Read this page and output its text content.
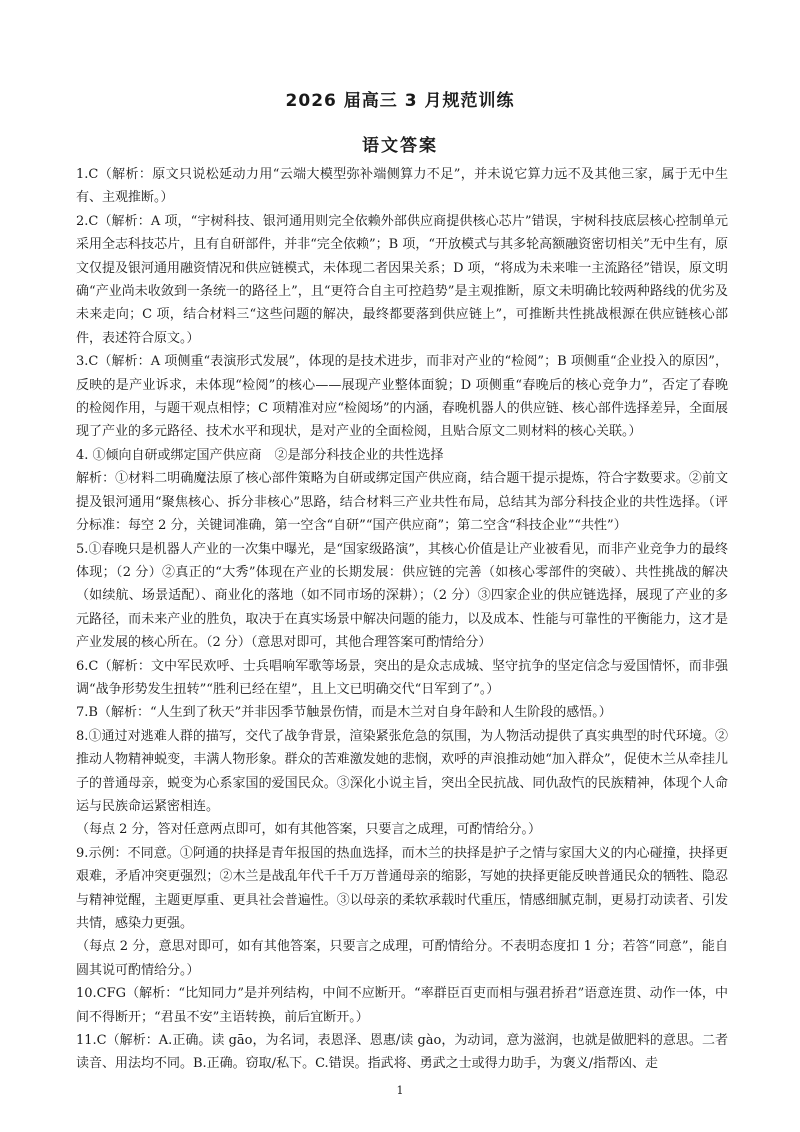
2026 届高三 3 月规范训练
语文答案

1.C（解析：原文只说松延动力用“云端大模型弥补端侧算力不足”，并未说它算力远不及其他三家，属于无中生有、主观推断。）

2.C（解析：A 项，“宇树科技、银河通用则完全依赖外部供应商提供核心芯片”错误，宇树科技底层核心控制单元采用全志科技芯片，且有自研部件，并非“完全依赖”；B 项，“开放模式与其多轮高额融资密切相关”无中生有，原文仅提及银河通用融资情况和供应链模式，未体现二者因果关系；D 项，“将成为未来唯一主流路径”错误，原文明确“产业尚未收敛到一条统一的路径上”，且“更符合自主可控趋势”是主观推断，原文未明确比较两种路线的优劣及未来走向；C 项，结合材料三“这些问题的解决，最终都要落到供应链上”，可推断共性挑战根源在供应链核心部件，表述符合原文。）

3.C（解析：A 项侧重“表演形式发展”，体现的是技术进步，而非对产业的“检阅”；B 项侧重“企业投入的原因”，反映的是产业诉求，未体现“检阅”的核心——展现产业整体面貌；D 项侧重“春晚后的核心竞争力”，否定了春晚的检阅作用，与题干观点相悖；C 项精准对应“检阅场”的内涵，春晚机器人的供应链、核心部件选择差异，全面展现了产业的多元路径、技术水平和现状，是对产业的全面检阅，且贴合原文二则材料的核心关联。）

4. ①倾向自研或绑定国产供应商　②是部分科技企业的共性选择

解析：①材料二明确魔法原了核心部件策略为自研或绑定国产供应商，结合题干提示提炼，符合字数要求。②前文提及银河通用“聚焦核心、拆分非核心”思路，结合材料三产业共性布局，总结其为部分科技企业的共性选择。（评分标准：每空 2 分，关键词准确，第一空含“自研”“国产供应商”；第二空含“科技企业”“共性”）

5.①春晚只是机器人产业的一次集中曝光，是“国家级路演”，其核心价值是让产业被看见，而非产业竞争力的最终体现；（2 分）②真正的“大秀”体现在产业的长期发展：供应链的完善（如核心零部件的突破）、共性挑战的解决（如续航、场景适配）、商业化的落地（如不同市场的深耕）；（2 分）③四家企业的供应链选择，展现了产业的多元路径，而未来产业的胜负，取决于在真实场景中解决问题的能力，以及成本、性能与可靠性的平衡能力，这才是产业发展的核心所在。（2 分）（意思对即可，其他合理答案可酌情给分）

6.C（解析：文中军民欢呼、士兵唱响军歌等场景，突出的是众志成城、坚守抗争的坚定信念与爱国情怀，而非强调“战争形势发生扭转”“胜利已经在望”，且上文已明确交代“日军到了”。）

7.B（解析：“人生到了秋天”并非因季节触景伤情，而是木兰对自身年龄和人生阶段的感悟。）

8.①通过对逃难人群的描写，交代了战争背景，渲染紧张危急的氛围，为人物活动提供了真实典型的时代环境。②推动人物精神蜕变，丰满人物形象。群众的苦难激发她的悲悯，欢呼的声浪推动她“加入群众”，促使木兰从牵挂儿子的普通母亲，蜕变为心系家国的爱国民众。③深化小说主旨，突出全民抗战、同仇敌忾的民族精神，体现个人命运与民族命运紧密相连。

（每点 2 分，答对任意两点即可，如有其他答案，只要言之成理，可酌情给分。）

9.示例：不同意。①阿通的抉择是青年报国的热血选择，而木兰的抉择是护子之情与家国大义的内心碰撞，抉择更艰难，矛盾冲突更强烈；②木兰是战乱年代千千万万普通母亲的缩影，写她的抉择更能反映普通民众的牺牲、隐忍与精神觉醒，主题更厚重、更具社会普遍性。③以母亲的柔软承载时代重压，情感细腻克制，更易打动读者、引发共情，感染力更强。

（每点 2 分，意思对即可，如有其他答案，只要言之成理，可酌情给分。不表明态度扣 1 分；若答“同意”，能自圆其说可酌情给分。）

10.CFG（解析：“比知同力”是并列结构，中间不应断开。“率群臣百吏而相与强君挢君”语意连贯、动作一体，中间不得断开；“君虽不安”主语转换，前后宜断开。）

11.C（解析：A.正确。读 gāo，为名词，表恩泽、恩惠/读 gào，为动词，意为滋润，也就是做肥料的意思。二者读音、用法均不同。B.正确。窃取/私下。C.错误。指武将、勇武之士或得力助手，为褒义/指帮凶、走

1
